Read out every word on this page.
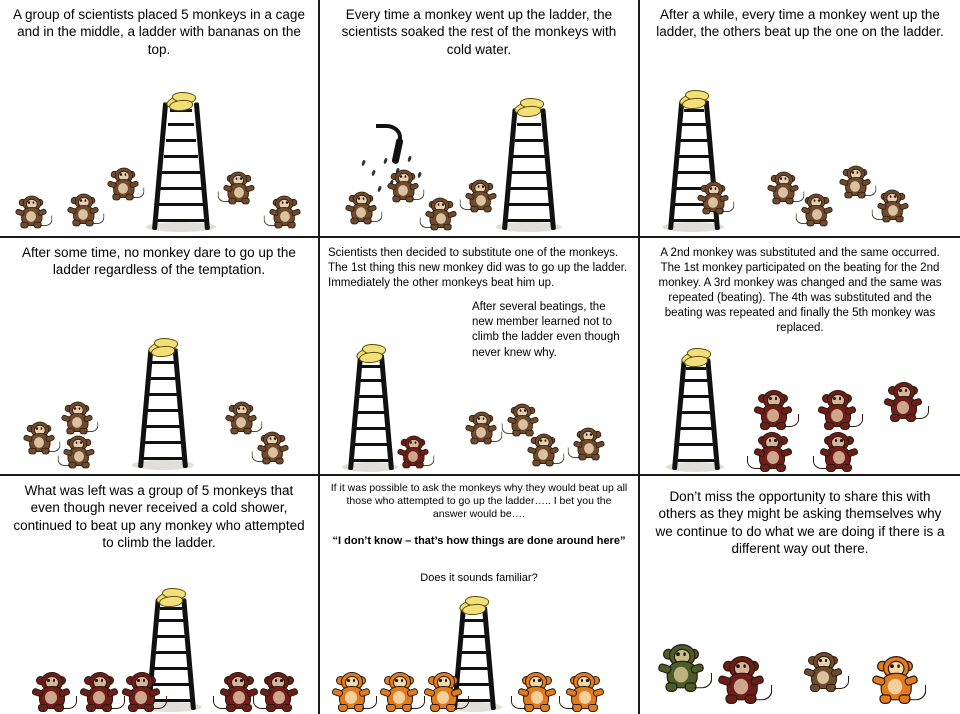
A group of scientists placed 5 monkeys in a cage and in the middle, a ladder with bananas on the top.
Every time a monkey went up the ladder, the scientists soaked the rest of the monkeys with cold water.
After a while, every time a monkey went up the ladder, the others beat up the one on the ladder.
After some time, no monkey dare to go up the ladder regardless of the temptation.
Scientists then decided to substitute one of the monkeys. The 1st thing this new monkey did was to go up the ladder. Immediately the other monkeys beat him up.
After several beatings, the new member learned not to climb the ladder even though never knew why.
A 2nd monkey was substituted and the same occurred. The 1st monkey participated on the beating for the 2nd monkey. A 3rd monkey was changed and the same was repeated (beating). The 4th was substituted and the beating was repeated and finally the 5th monkey was replaced.
What was left was a group of 5 monkeys that even though never received a cold shower, continued to beat up any monkey who attempted to climb the ladder.
If it was possible to ask the monkeys why they would beat up all those who attempted to go up the ladder….. I bet you the answer would be….
“I don’t know – that’s how things are done around here”
Does it sounds familiar?
Don’t miss the opportunity to share this with others as they might be asking themselves why we continue to do what we are doing if there is a different way out there.
